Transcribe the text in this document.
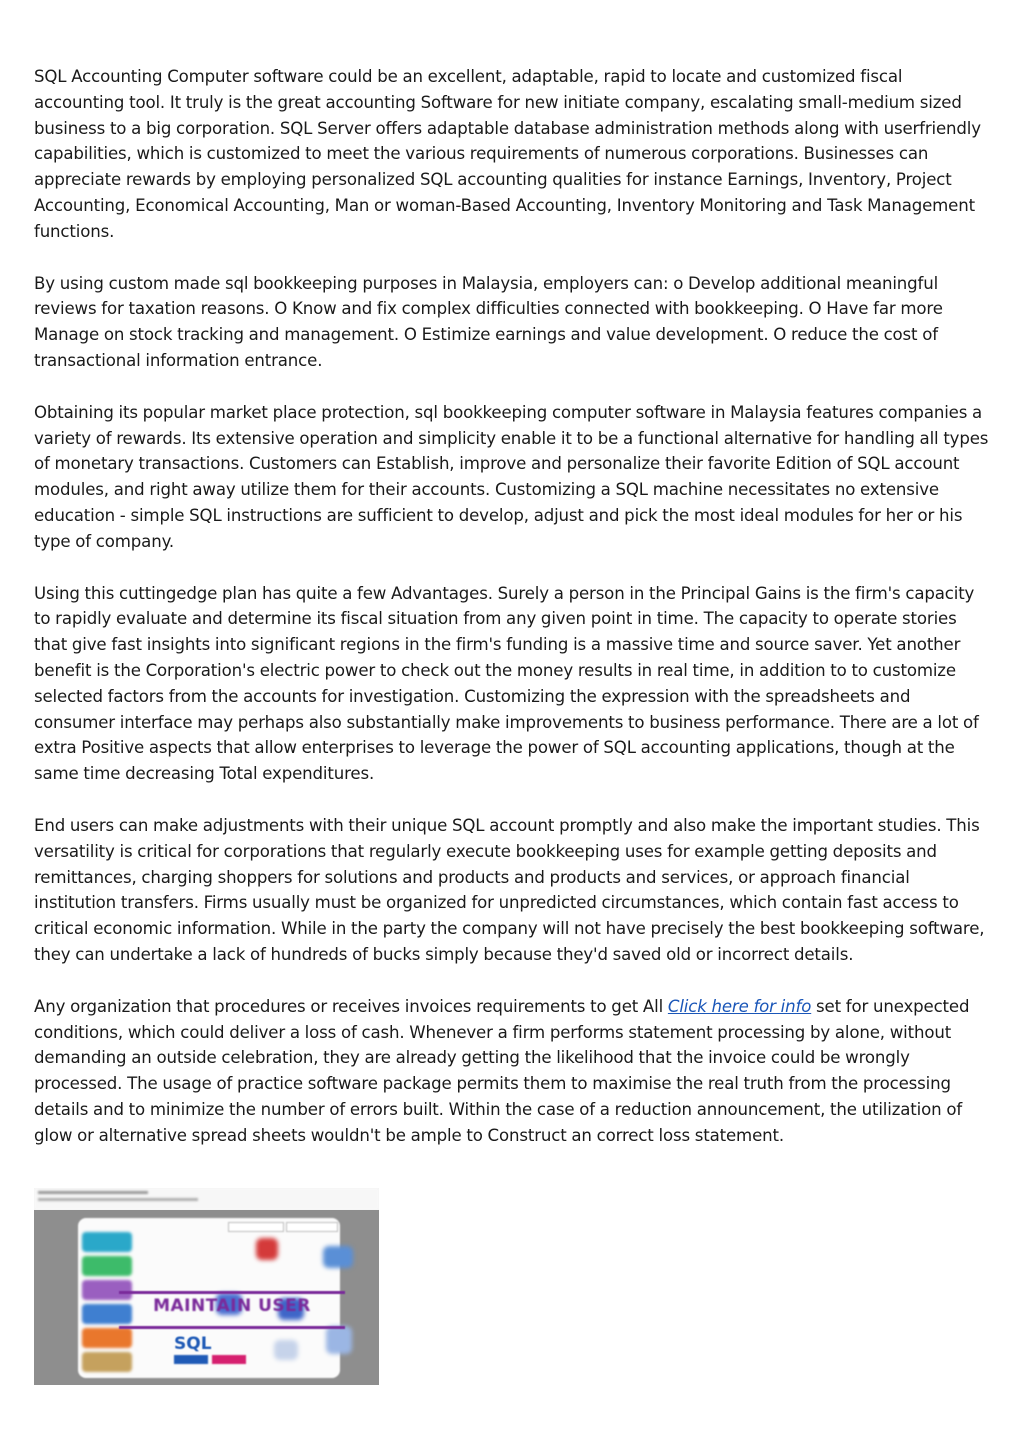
SQL Accounting Computer software could be an excellent, adaptable, rapid to locate and customized fiscal accounting tool. It truly is the great accounting Software for new initiate company, escalating small-medium sized business to a big corporation. SQL Server offers adaptable database administration methods along with userfriendly capabilities, which is customized to meet the various requirements of numerous corporations. Businesses can appreciate rewards by employing personalized SQL accounting qualities for instance Earnings, Inventory, Project Accounting, Economical Accounting, Man or woman-Based Accounting, Inventory Monitoring and Task Management functions.

By using custom made sql bookkeeping purposes in Malaysia, employers can: o Develop additional meaningful reviews for taxation reasons. O Know and fix complex difficulties connected with bookkeeping. O Have far more Manage on stock tracking and management. O Estimize earnings and value development. O reduce the cost of transactional information entrance.

Obtaining its popular market place protection, sql bookkeeping computer software in Malaysia features companies a variety of rewards. Its extensive operation and simplicity enable it to be a functional alternative for handling all types of monetary transactions. Customers can Establish, improve and personalize their favorite Edition of SQL account modules, and right away utilize them for their accounts. Customizing a SQL machine necessitates no extensive education - simple SQL instructions are sufficient to develop, adjust and pick the most ideal modules for her or his type of company.

Using this cuttingedge plan has quite a few Advantages. Surely a person in the Principal Gains is the firm's capacity to rapidly evaluate and determine its fiscal situation from any given point in time. The capacity to operate stories that give fast insights into significant regions in the firm's funding is a massive time and source saver. Yet another benefit is the Corporation's electric power to check out the money results in real time, in addition to to customize selected factors from the accounts for investigation. Customizing the expression with the spreadsheets and consumer interface may perhaps also substantially make improvements to business performance. There are a lot of extra Positive aspects that allow enterprises to leverage the power of SQL accounting applications, though at the same time decreasing Total expenditures.

End users can make adjustments with their unique SQL account promptly and also make the important studies. This versatility is critical for corporations that regularly execute bookkeeping uses for example getting deposits and remittances, charging shoppers for solutions and products and products and services, or approach financial institution transfers. Firms usually must be organized for unpredicted circumstances, which contain fast access to critical economic information. While in the party the company will not have precisely the best bookkeeping software, they can undertake a lack of hundreds of bucks simply because they'd saved old or incorrect details.

Any organization that procedures or receives invoices requirements to get All Click here for info set for unexpected conditions, which could deliver a loss of cash. Whenever a firm performs statement processing by alone, without demanding an outside celebration, they are already getting the likelihood that the invoice could be wrongly processed. The usage of practice software package permits them to maximise the real truth from the processing details and to minimize the number of errors built. Within the case of a reduction announcement, the utilization of glow or alternative spread sheets wouldn't be ample to Construct an correct loss statement.

MAINTAIN USER
SQL
